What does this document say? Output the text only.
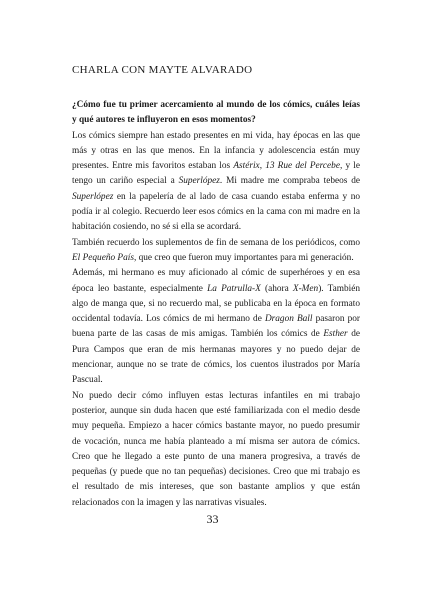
CHARLA CON MAYTE ALVARADO

¿Cómo fue tu primer acercamiento al mundo de los cómics, cuáles leías y qué autores te influyeron en esos momentos?

Los cómics siempre han estado presentes en mi vida, hay épocas en las que más y otras en las que menos. En la infancia y adolescencia están muy presentes. Entre mis favoritos estaban los Astérix, 13 Rue del Percebe, y le tengo un cariño especial a Superlópez. Mi madre me compraba tebeos de Superlópez en la papelería de al lado de casa cuando estaba enferma y no podía ir al colegio. Recuerdo leer esos cómics en la cama con mi madre en la habitación cosiendo, no sé si ella se acordará.

También recuerdo los suplementos de fin de semana de los periódicos, como El Pequeño País, que creo que fueron muy importantes para mi generación.

Además, mi hermano es muy aficionado al cómic de superhéroes y en esa época leo bastante, especialmente La Patrulla-X (ahora X-Men). También algo de manga que, si no recuerdo mal, se publicaba en la época en formato occidental todavía. Los cómics de mi hermano de Dragon Ball pasaron por buena parte de las casas de mis amigas. También los cómics de Esther de Pura Campos que eran de mis hermanas mayores y no puedo dejar de mencionar, aunque no se trate de cómics, los cuentos ilustrados por María Pascual.

No puedo decir cómo influyen estas lecturas infantiles en mi trabajo posterior, aunque sin duda hacen que esté familiarizada con el medio desde muy pequeña. Empiezo a hacer cómics bastante mayor, no puedo presumir de vocación, nunca me había planteado a mí misma ser autora de cómics. Creo que he llegado a este punto de una manera progresiva, a través de pequeñas (y puede que no tan pequeñas) decisiones. Creo que mi trabajo es el resultado de mis intereses, que son bastante amplios y que están relacionados con la imagen y las narrativas visuales.

33
